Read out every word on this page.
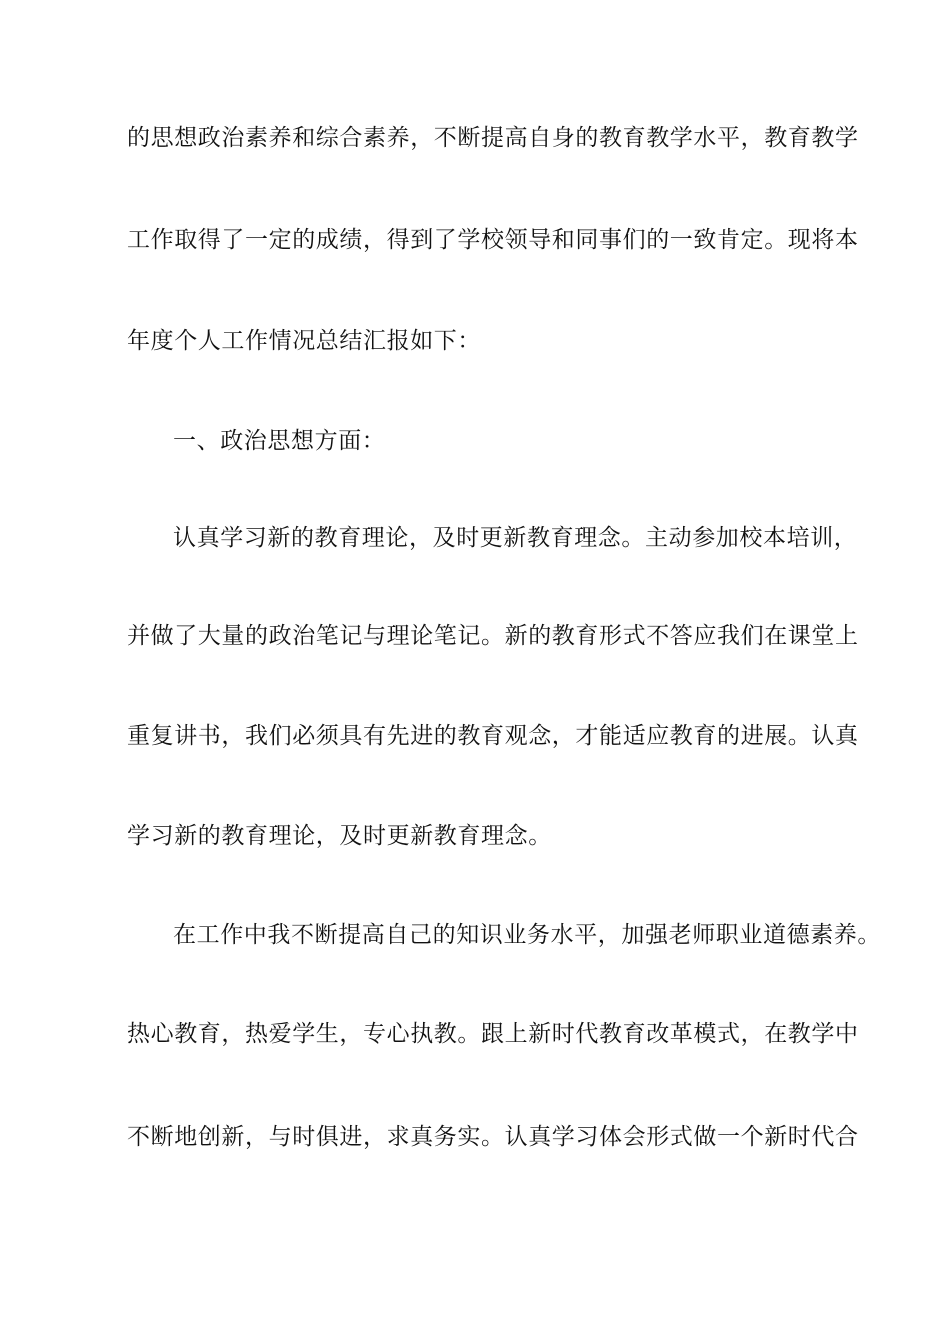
的思想政治素养和综合素养，不断提高自身的教育教学水平，教育教学
工作取得了一定的成绩，得到了学校领导和同事们的一致肯定。现将本
年度个人工作情况总结汇报如下：
一、政治思想方面：
认真学习新的教育理论，及时更新教育理念。主动参加校本培训，
并做了大量的政治笔记与理论笔记。新的教育形式不答应我们在课堂上
重复讲书，我们必须具有先进的教育观念，才能适应教育的进展。认真
学习新的教育理论，及时更新教育理念。
在工作中我不断提高自己的知识业务水平，加强老师职业道德素养。
热心教育，热爱学生，专心执教。跟上新时代教育改革模式，在教学中
不断地创新，与时俱进，求真务实。认真学习体会形式做一个新时代合
